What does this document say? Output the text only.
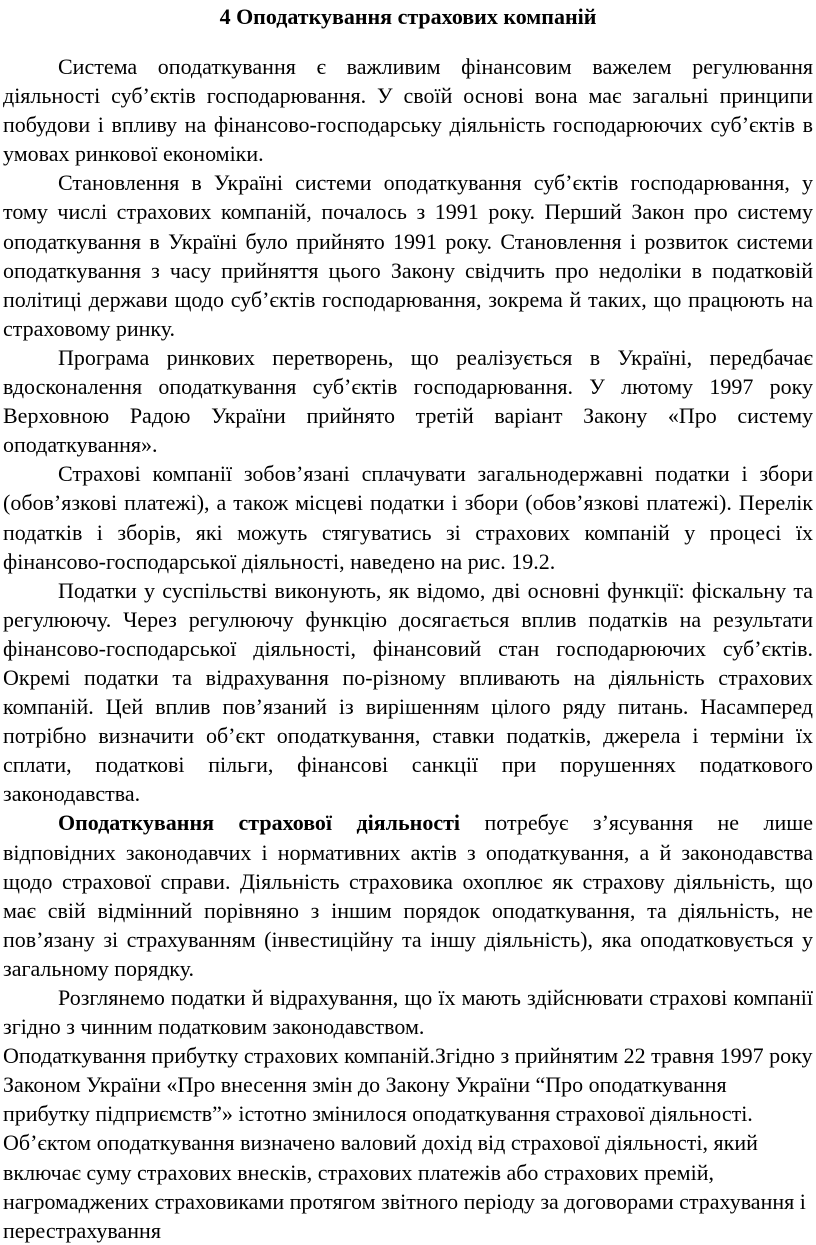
4 Оподаткування страхових компаній

Система оподаткування є важливим фінансовим важелем регулювання діяльності суб’єктів господарювання. У своїй основі вона має загальні принципи побудови і впливу на фінансово-господарську діяльність господарюючих суб’єктів в умовах ринкової економіки.

Становлення в Україні системи оподаткування суб’єктів господарювання, у тому числі страхових компаній, почалось з 1991 року. Перший Закон про систему оподаткування в Україні було прийнято 1991 року. Становлення і розвиток системи оподаткування з часу прийняття цього Закону свідчить про недоліки в податковій політиці держави щодо суб’єктів господарювання, зокрема й таких, що працюють на страховому ринку.

Програма ринкових перетворень, що реалізується в Україні, передбачає вдосконалення оподаткування суб’єктів господарювання. У лютому 1997 року Верховною Радою України прийнято третій варіант Закону «Про систему оподаткування».

Страхові компанії зобов’язані сплачувати загальнодержавні податки і збори (обов’язкові платежі), а також місцеві податки і збори (обов’язкові платежі). Перелік податків і зборів, які можуть стягуватись зі страхових компаній у процесі їх фінансово-господарської діяльності, наведено на рис. 19.2.

Податки у суспільстві виконують, як відомо, дві основні функції: фіскальну та регулюючу. Через регулюючу функцію досягається вплив податків на результати фінансово-господарської діяльності, фінансовий стан господарюючих суб’єктів. Окремі податки та відрахування по-різному впливають на діяльність страхових компаній. Цей вплив пов’язаний із вирішенням цілого ряду питань. Насамперед потрібно визначити об’єкт оподаткування, ставки податків, джерела і терміни їх сплати, податкові пільги, фінансові санкції при порушеннях податкового законодавства.

Оподаткування страхової діяльності потребує з’ясування не лише відповідних законодавчих і нормативних актів з оподаткування, а й законодавства щодо страхової справи. Діяльність страховика охоплює як страхову діяльність, що має свій відмінний порівняно з іншим порядок оподаткування, та діяльність, не пов’язану зі страхуванням (інвестиційну та іншу діяльність), яка оподатковується у загальному порядку.

Розглянемо податки й відрахування, що їх мають здійснювати страхові компанії згідно з чинним податковим законодавством.

Оподаткування прибутку страхових компаній.Згідно з прийнятим 22 травня 1997 року Законом України «Про внесення змін до Закону України “Про оподаткування прибутку підприємств”» істотно змінилося оподаткування страхової діяльності. Об’єктом оподаткування визначено валовий дохід від страхової діяльності, який включає суму страхових внесків, страхових платежів або страхових премій, нагромаджених страховиками протягом звітного періоду за договорами страхування і перестрахування
